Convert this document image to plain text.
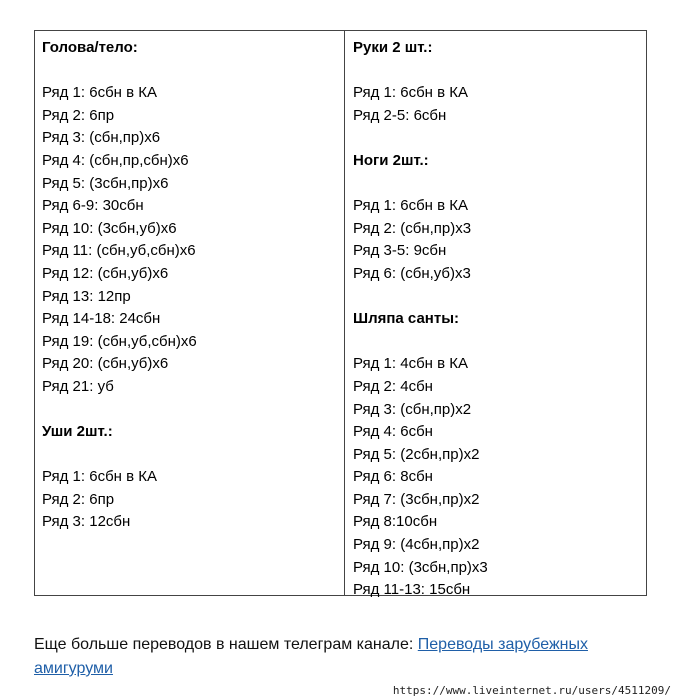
Голова/тело:
Ряд 1: 6сбн в КА
Ряд 2: 6пр
Ряд 3: (сбн,пр)х6
Ряд 4: (сбн,пр,сбн)х6
Ряд 5: (3сбн,пр)х6
Ряд 6-9: 30сбн
Ряд 10: (3сбн,уб)х6
Ряд 11: (сбн,уб,сбн)х6
Ряд 12: (сбн,уб)х6
Ряд 13: 12пр
Ряд 14-18: 24сбн
Ряд 19: (сбн,уб,сбн)х6
Ряд 20: (сбн,уб)х6
Ряд 21: уб
Уши 2шт.:
Ряд 1: 6сбн в КА
Ряд 2: 6пр
Ряд 3: 12сбн
Руки 2 шт.:
Ряд 1: 6сбн в КА
Ряд 2-5: 6сбн
Ноги 2шт.:
Ряд 1: 6сбн в КА
Ряд 2: (сбн,пр)х3
Ряд 3-5: 9сбн
Ряд 6: (сбн,уб)х3
Шляпа санты:
Ряд 1: 4сбн в КА
Ряд 2: 4сбн
Ряд 3: (сбн,пр)х2
Ряд 4: 6сбн
Ряд 5: (2сбн,пр)х2
Ряд 6: 8сбн
Ряд 7: (3сбн,пр)х2
Ряд 8:10сбн
Ряд 9: (4сбн,пр)х2
Ряд 10: (3сбн,пр)х3
Ряд 11-13: 15сбн
Еще больше переводов в нашем телеграм канале: Переводы зарубежных амигуруми
https://www.liveinternet.ru/users/4511209/
